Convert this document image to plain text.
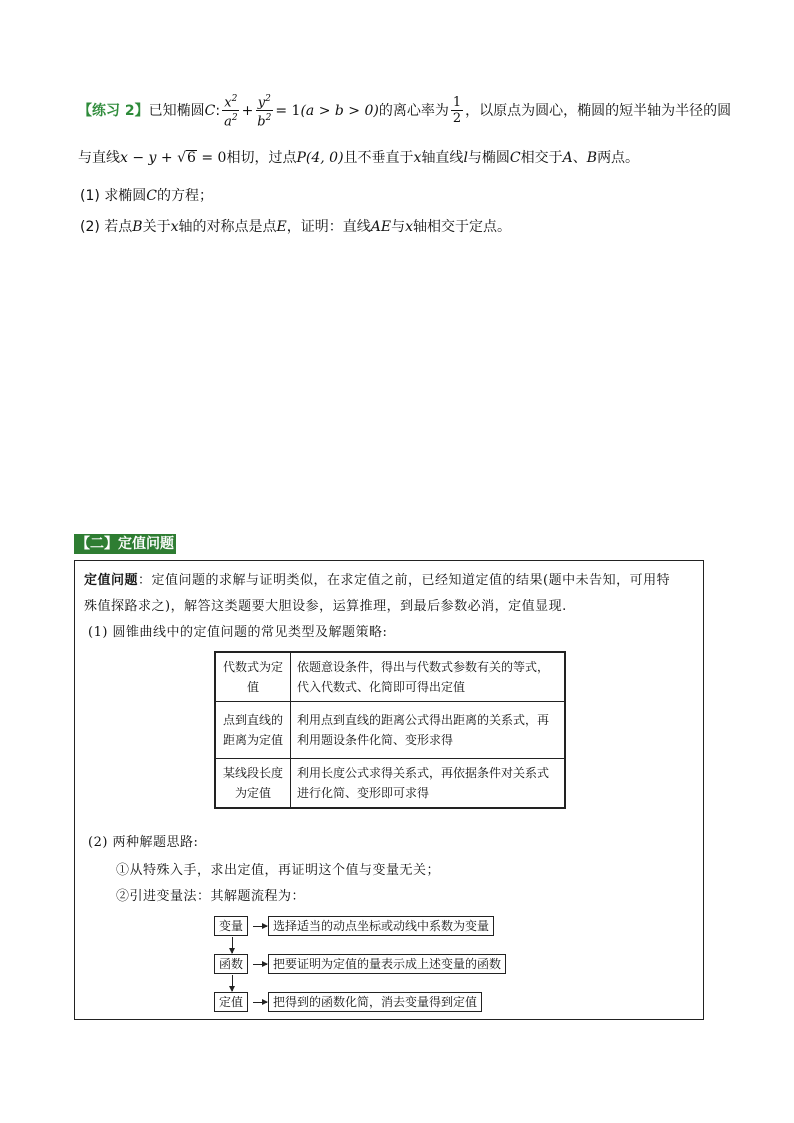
【练习 2】已知椭圆C: $\frac{x^2}{a^2} + \frac{y^2}{b^2} = 1(a > b > 0)$的离心率为 $\frac{1}{2}$ ，以原点为圆心，椭圆的短半轴为半径的圆
与直线x − y + √6 = 0相切，过点P(4, 0)且不垂直于x轴直线l与椭圆C相交于A、B两点。
(1) 求椭圆C的方程；
(2) 若点B关于x轴的对称点是点E，证明：直线AE与x轴相交于定点。
【二】定值问题
定值问题：定值问题的求解与证明类似，在求定值之前，已经知道定值的结果(题中未告知，可用特
殊值探路求之)，解答这类题要大胆设参，运算推理，到最后参数必消，定值显现.
(1) 圆锥曲线中的定值问题的常见类型及解题策略:
代数式为定值	依题意设条件，得出与代数式参数有关的等式，代入代数式、化简即可得出定值
点到直线的距离为定值	利用点到直线的距离公式得出距离的关系式，再利用题设条件化简、变形求得
某线段长度为定值	利用长度公式求得关系式，再依据条件对关系式进行化简、变形即可求得
(2) 两种解题思路:
①从特殊入手，求出定值，再证明这个值与变量无关；
②引进变量法：其解题流程为：
变量	选择适当的动点坐标或动线中系数为变量
函数	把要证明为定值的量表示成上述变量的函数
定值	把得到的函数化简，消去变量得到定值
